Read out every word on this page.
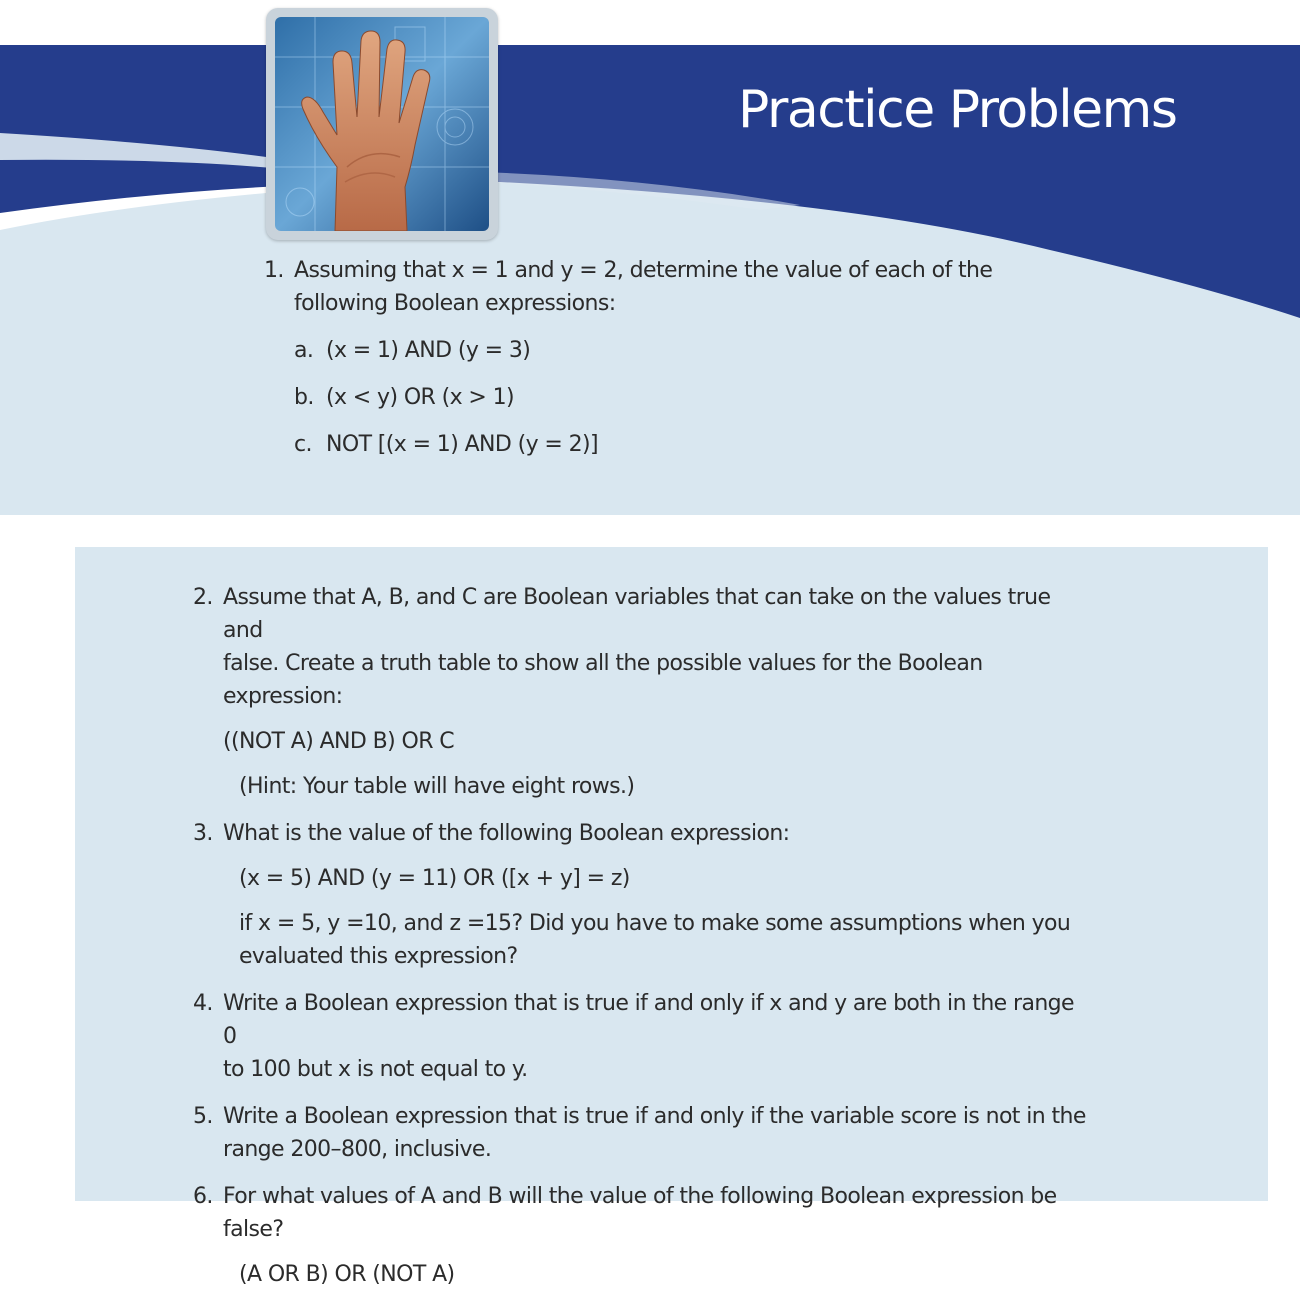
Practice Problems
1. Assuming that x = 1 and y = 2, determine the value of each of the
following Boolean expressions:
a. (x = 1) AND (y = 3)
b. (x < y) OR (x > 1)
c. NOT [(x = 1) AND (y = 2)]
2. Assume that A, B, and C are Boolean variables that can take on the values true and
false. Create a truth table to show all the possible values for the Boolean expression:
((NOT A) AND B) OR C
(Hint: Your table will have eight rows.)
3. What is the value of the following Boolean expression:
(x = 5) AND (y = 11) OR ([x + y] = z)
if x = 5, y =10, and z =15? Did you have to make some assumptions when you
evaluated this expression?
4. Write a Boolean expression that is true if and only if x and y are both in the range 0
to 100 but x is not equal to y.
5. Write a Boolean expression that is true if and only if the variable score is not in the
range 200–800, inclusive.
6. For what values of A and B will the value of the following Boolean expression be false?
(A OR B) OR (NOT A)
